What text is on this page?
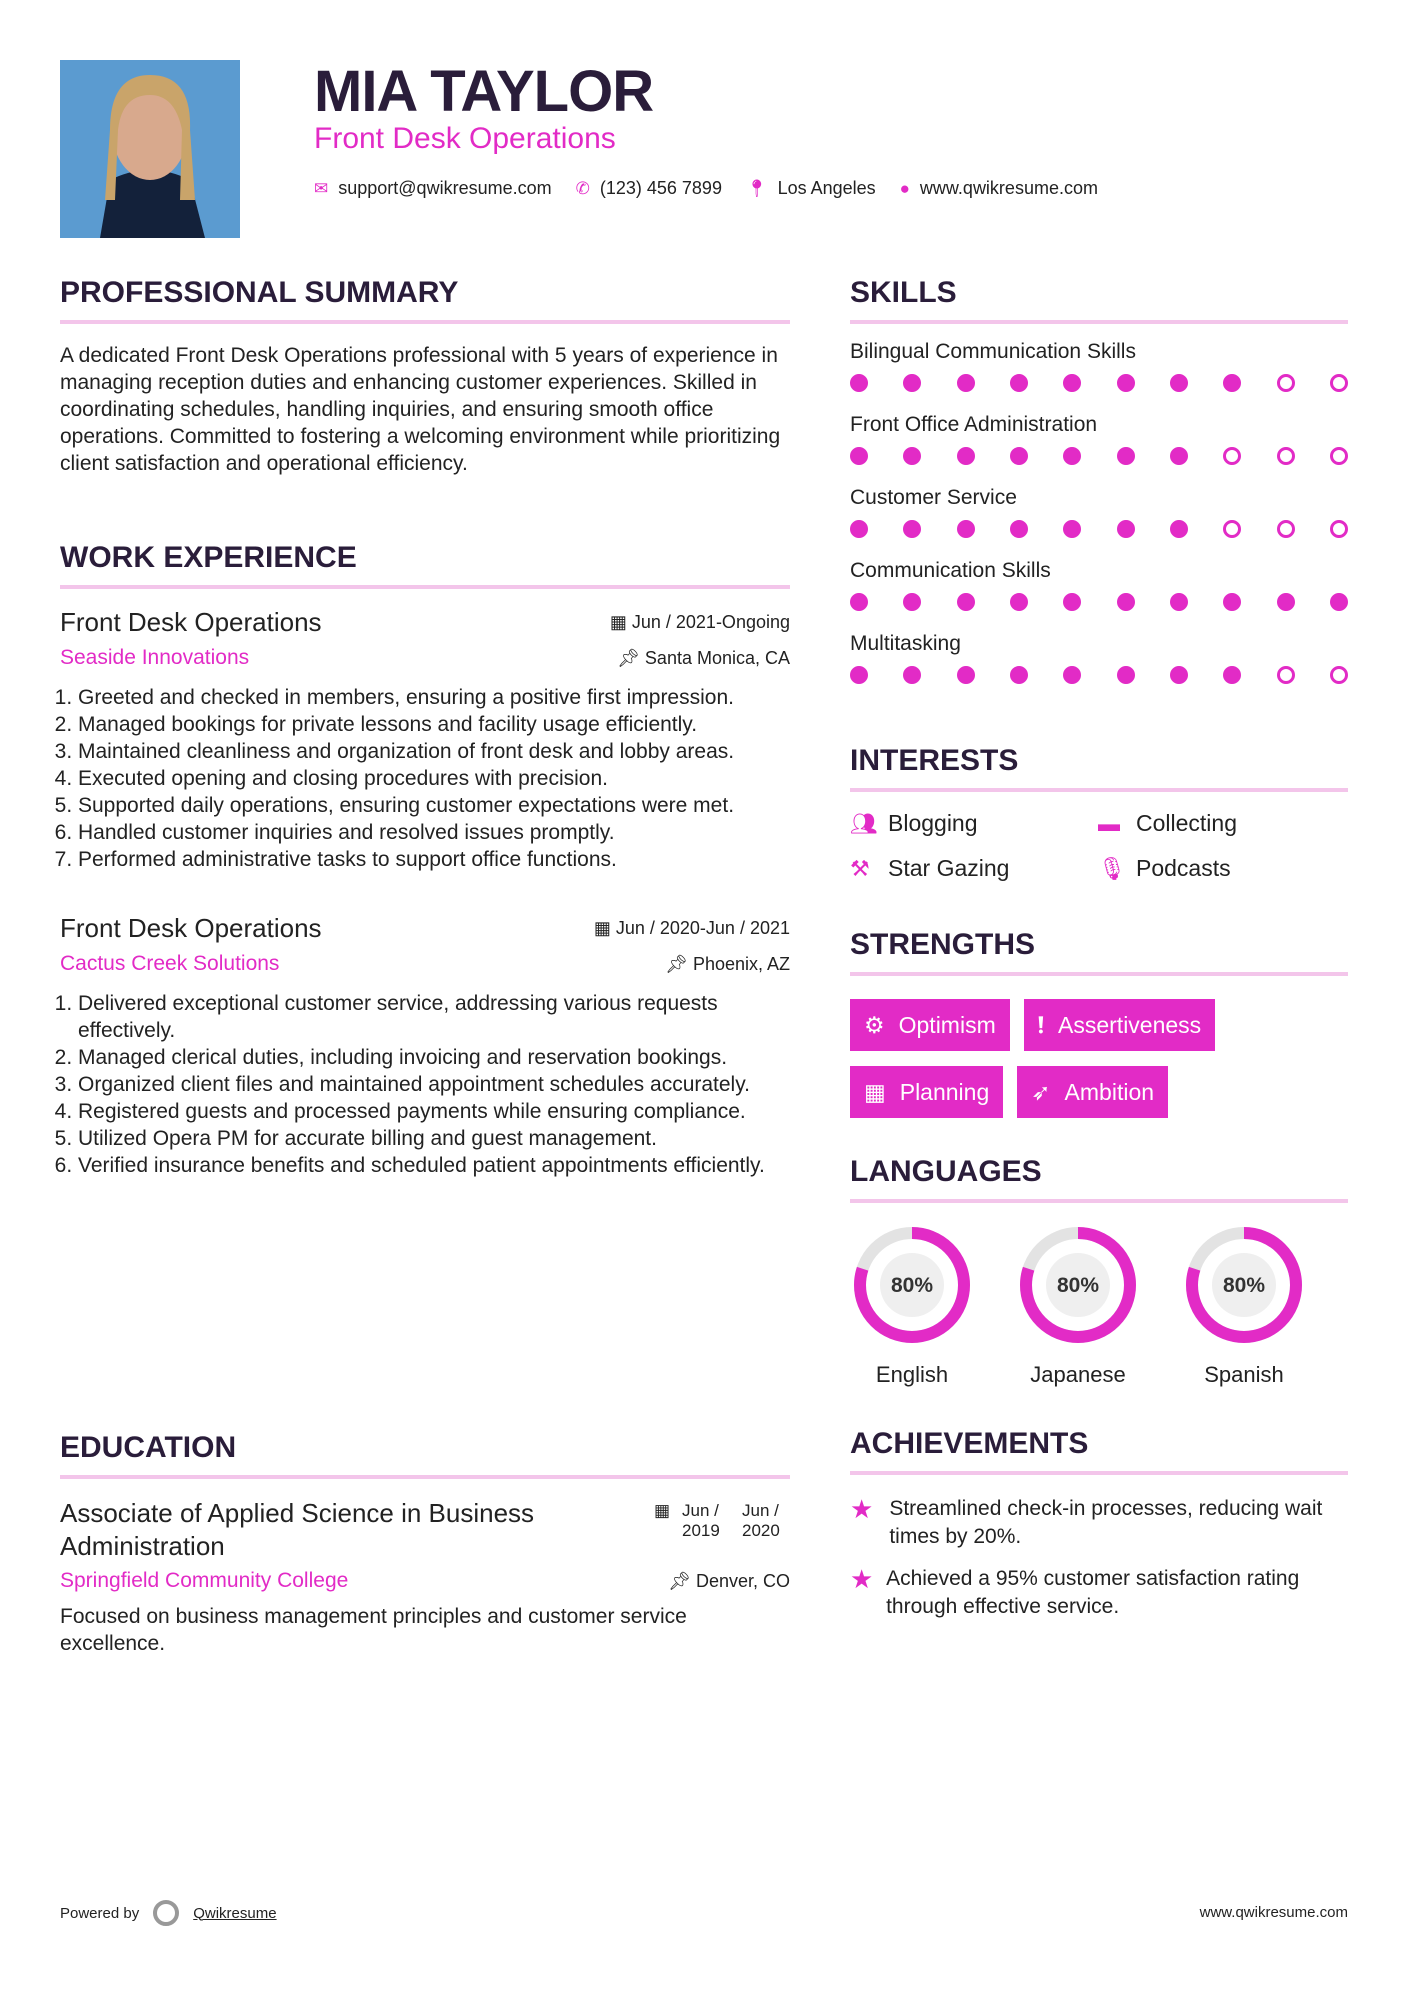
MIA TAYLOR
Front Desk Operations
✉ support@qwikresume.com ✆ (123) 456 7899 📍︎ Los Angeles ● www.qwikresume.com
PROFESSIONAL SUMMARY
A dedicated Front Desk Operations professional with 5 years of experience in managing reception duties and enhancing customer experiences. Skilled in coordinating schedules, handling inquiries, and ensuring smooth office operations. Committed to fostering a welcoming environment while prioritizing client satisfaction and operational efficiency.
WORK EXPERIENCE
Front Desk Operations	▦ Jun / 2021-Ongoing
Seaside Innovations	📌︎ Santa Monica, CA
1. Greeted and checked in members, ensuring a positive first impression.
2. Managed bookings for private lessons and facility usage efficiently.
3. Maintained cleanliness and organization of front desk and lobby areas.
4. Executed opening and closing procedures with precision.
5. Supported daily operations, ensuring customer expectations were met.
6. Handled customer inquiries and resolved issues promptly.
7. Performed administrative tasks to support office functions.
Front Desk Operations	▦ Jun / 2020-Jun / 2021
Cactus Creek Solutions	📌︎ Phoenix, AZ
1. Delivered exceptional customer service, addressing various requests effectively.
2. Managed clerical duties, including invoicing and reservation bookings.
3. Organized client files and maintained appointment schedules accurately.
4. Registered guests and processed payments while ensuring compliance.
5. Utilized Opera PM for accurate billing and guest management.
6. Verified insurance benefits and scheduled patient appointments efficiently.
EDUCATION
Associate of Applied Science in Business Administration
▦ Jun / 2019
Jun / 2020
Springfield Community College	📌︎ Denver, CO
Focused on business management principles and customer service excellence.
SKILLS
Bilingual Communication Skills
Front Office Administration
Customer Service
Communication Skills
Multitasking
INTERESTS
👥︎ Blogging	▬ Collecting
⚒︎ Star Gazing	🎙︎ Podcasts
STRENGTHS
⚙︎ Optimism ❗︎ Assertiveness
▦ Planning ➶ Ambition
LANGUAGES
80%
English
80%
Japanese
80%
Spanish
ACHIEVEMENTS
★ Streamlined check-in processes, reducing wait times by 20%.
★ Achieved a 95% customer satisfaction rating through effective service.
Powered by	Qwikresume	www.qwikresume.com
